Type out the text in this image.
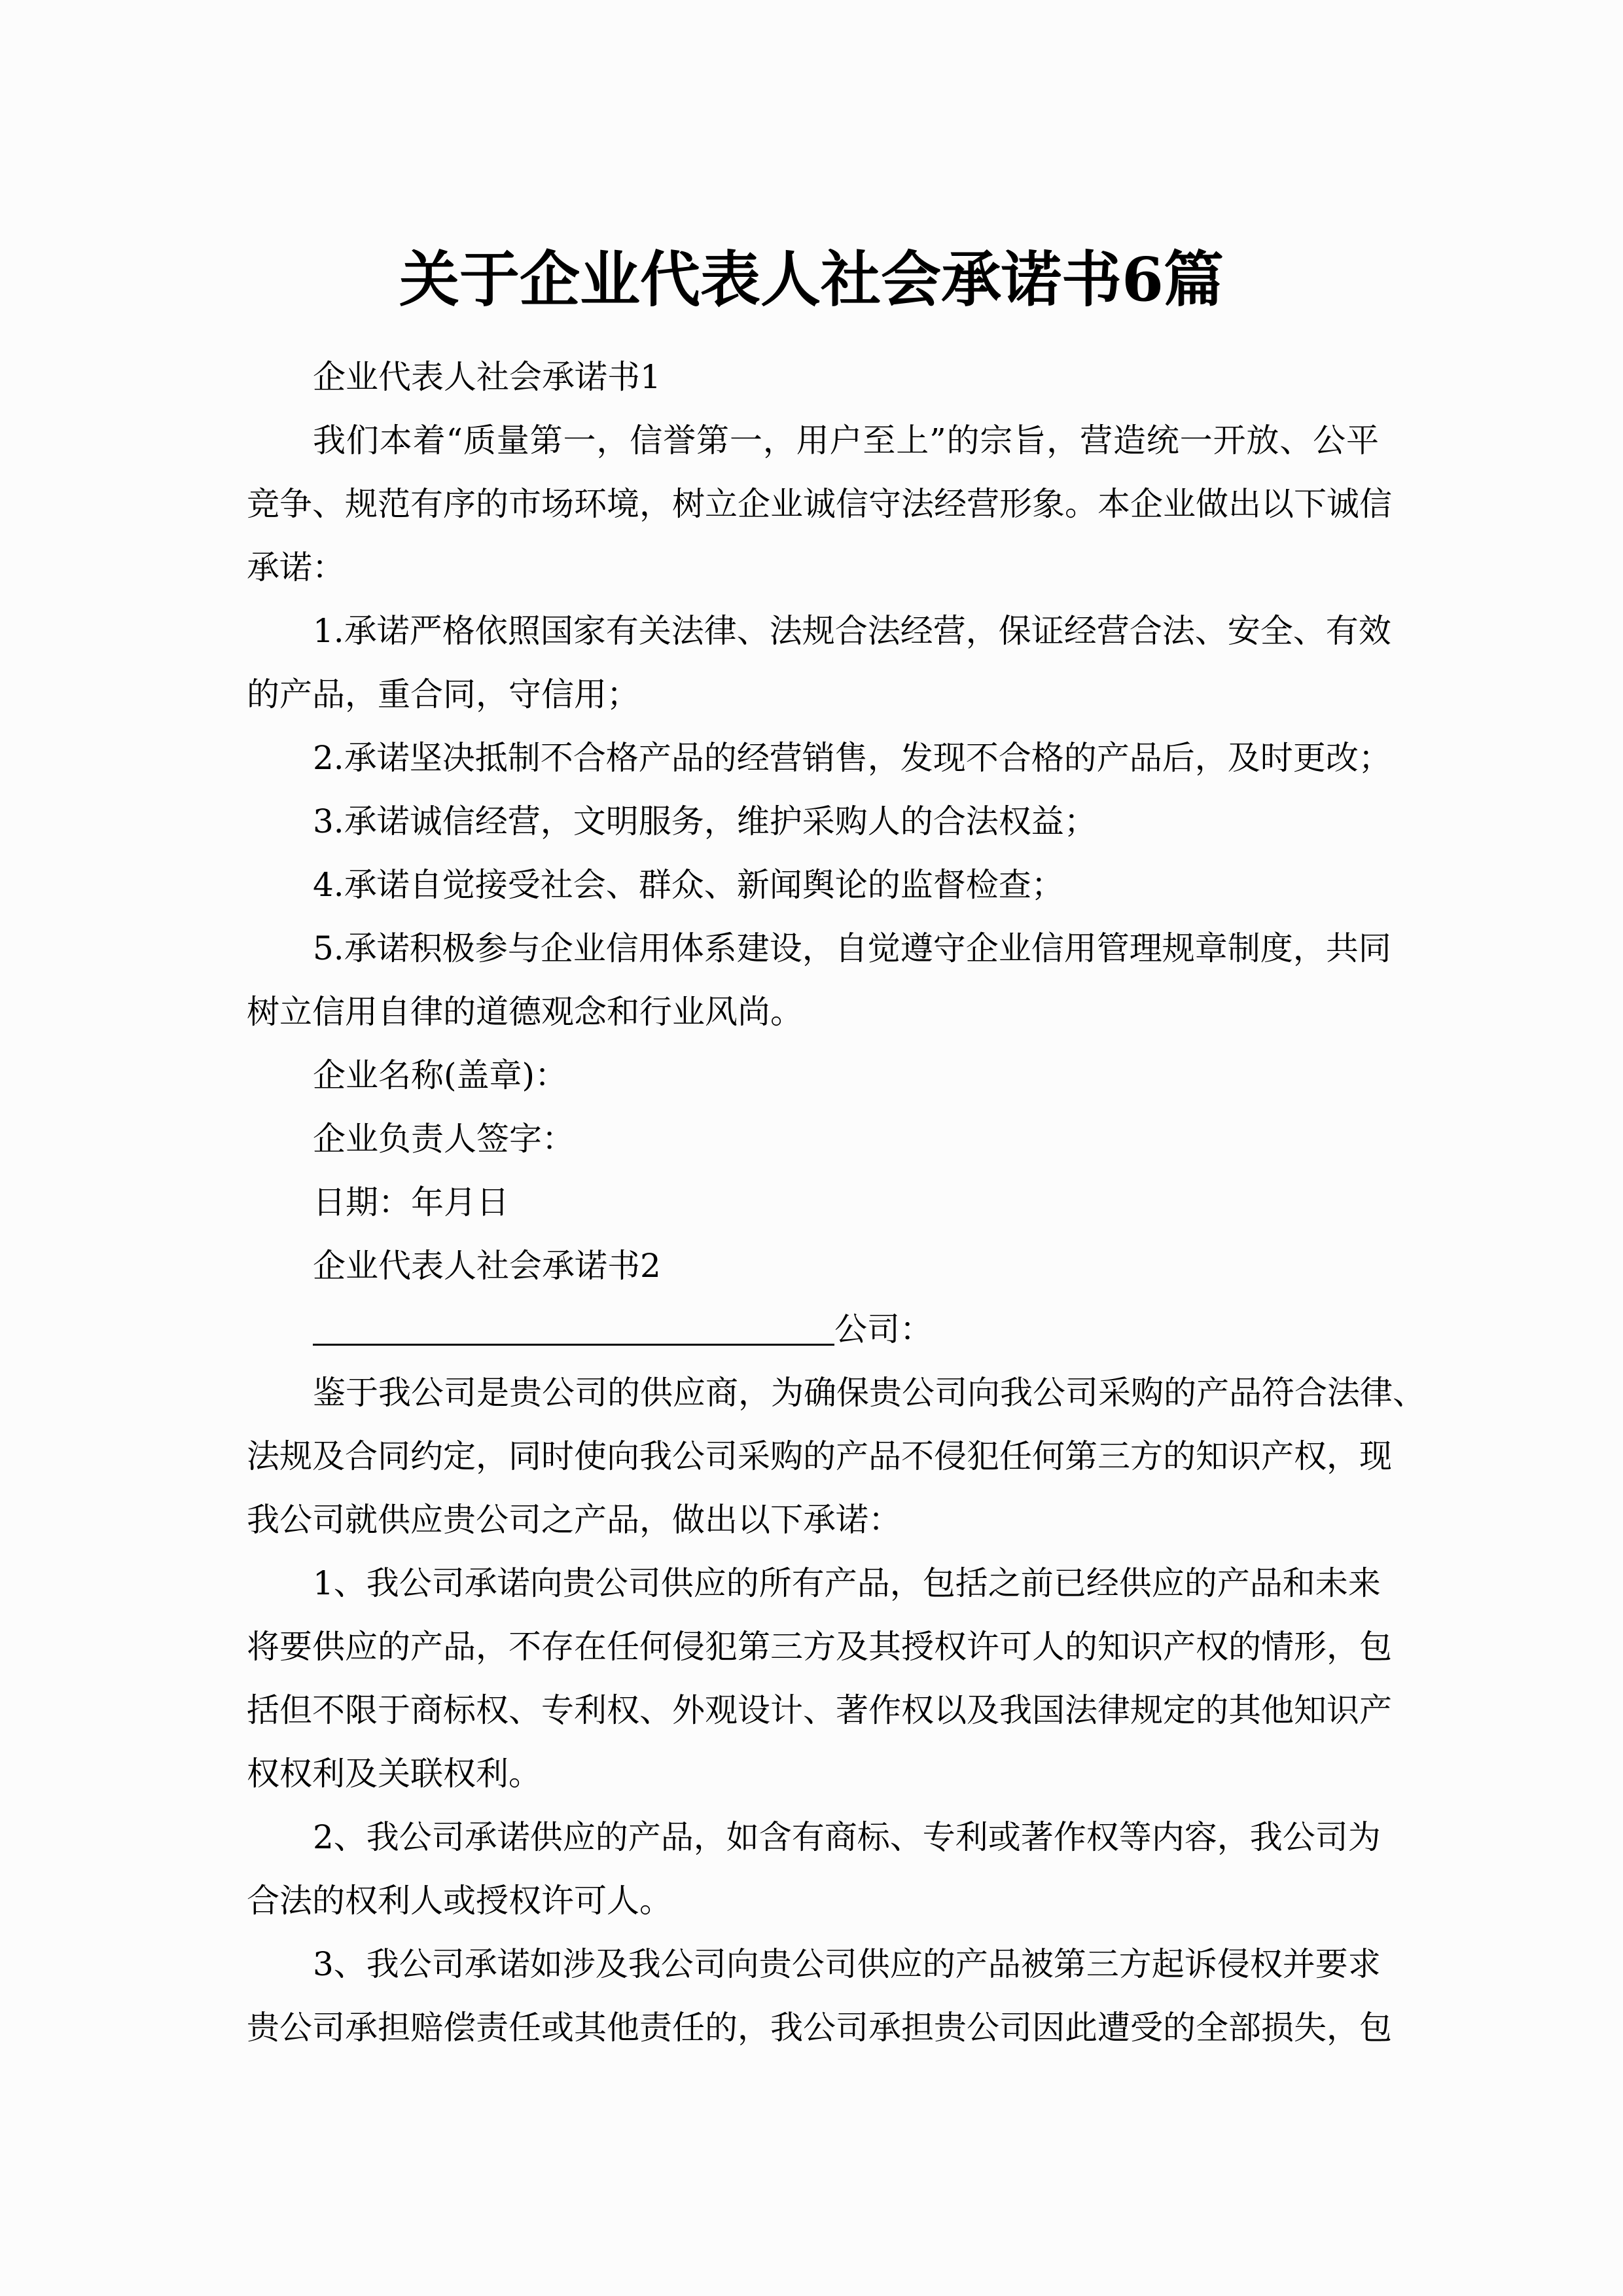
关于企业代表人社会承诺书6篇
企业代表人社会承诺书1
我们本着“质量第一，信誉第一，用户至上”的宗旨，营造统一开放、公平
竞争、规范有序的市场环境，树立企业诚信守法经营形象。本企业做出以下诚信
承诺：
1.承诺严格依照国家有关法律、法规合法经营，保证经营合法、安全、有效
的产品，重合同，守信用；
2.承诺坚决抵制不合格产品的经营销售，发现不合格的产品后，及时更改；
3.承诺诚信经营，文明服务，维护采购人的合法权益；
4.承诺自觉接受社会、群众、新闻舆论的监督检查；
5.承诺积极参与企业信用体系建设，自觉遵守企业信用管理规章制度，共同
树立信用自律的道德观念和行业风尚。
企业名称(盖章)：
企业负责人签字：
日期：年月日
企业代表人社会承诺书2
公司：
鉴于我公司是贵公司的供应商，为确保贵公司向我公司采购的产品符合法律、
法规及合同约定，同时使向我公司采购的产品不侵犯任何第三方的知识产权，现
我公司就供应贵公司之产品，做出以下承诺：
1、我公司承诺向贵公司供应的所有产品，包括之前已经供应的产品和未来
将要供应的产品，不存在任何侵犯第三方及其授权许可人的知识产权的情形，包
括但不限于商标权、专利权、外观设计、著作权以及我国法律规定的其他知识产
权权利及关联权利。
2、我公司承诺供应的产品，如含有商标、专利或著作权等内容，我公司为
合法的权利人或授权许可人。
3、我公司承诺如涉及我公司向贵公司供应的产品被第三方起诉侵权并要求
贵公司承担赔偿责任或其他责任的，我公司承担贵公司因此遭受的全部损失，包
